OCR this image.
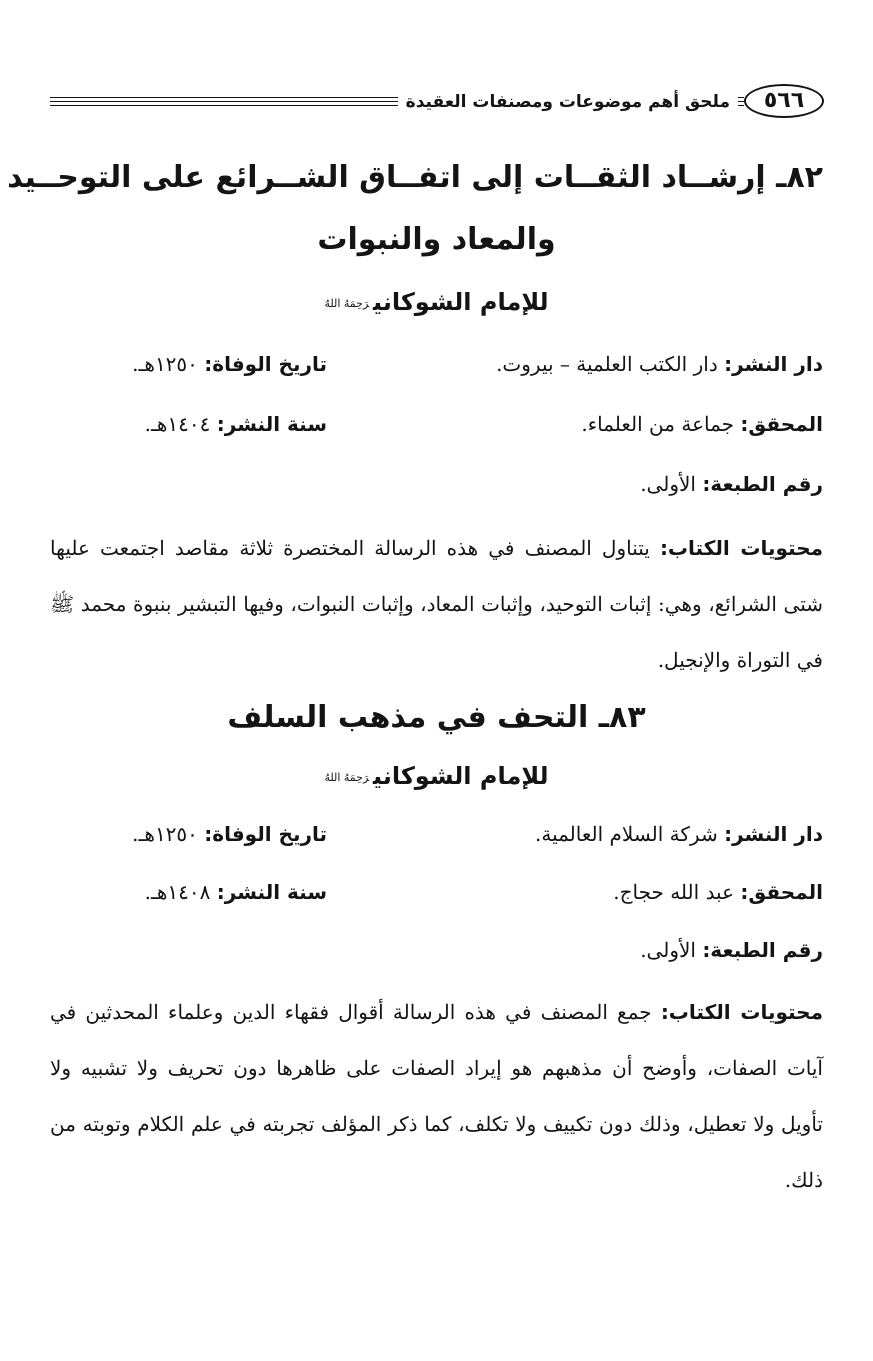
٥٦٦
ملحق أهم موضوعات ومصنفات العقيدة
٨٢ـ إرشــاد الثقــات إلى اتفــاق الشــرائع على التوحــيد
والمعاد والنبوات
للإمام الشوكانيرَحِمَهُ اللهُ
دار النشر: دار الكتب العلمية – بيروت.
تاريخ الوفاة: ١٢٥٠هـ.
المحقق: جماعة من العلماء.
سنة النشر: ١٤٠٤هـ.
رقم الطبعة: الأولى.
محتويات الكتاب: يتناول المصنف في هذه الرسالة المختصرة ثلاثة مقاصد اجتمعت عليها شتى الشرائع، وهي: إثبات التوحيد، وإثبات المعاد، وإثبات النبوات، وفيها التبشير بنبوة محمد ﷺ في التوراة والإنجيل.
٨٣ـ التحف في مذهب السلف
للإمام الشوكانيرَحِمَهُ اللهُ
دار النشر: شركة السلام العالمية.
تاريخ الوفاة: ١٢٥٠هـ.
المحقق: عبد الله حجاج.
سنة النشر: ١٤٠٨هـ.
رقم الطبعة: الأولى.
محتويات الكتاب: جمع المصنف في هذه الرسالة أقوال فقهاء الدين وعلماء المحدثين في آيات الصفات، وأوضح أن مذهبهم هو إيراد الصفات على ظاهرها دون تحريف ولا تشبيه ولا تأويل ولا تعطيل، وذلك دون تكييف ولا تكلف، كما ذكر المؤلف تجربته في علم الكلام وتوبته من ذلك.
